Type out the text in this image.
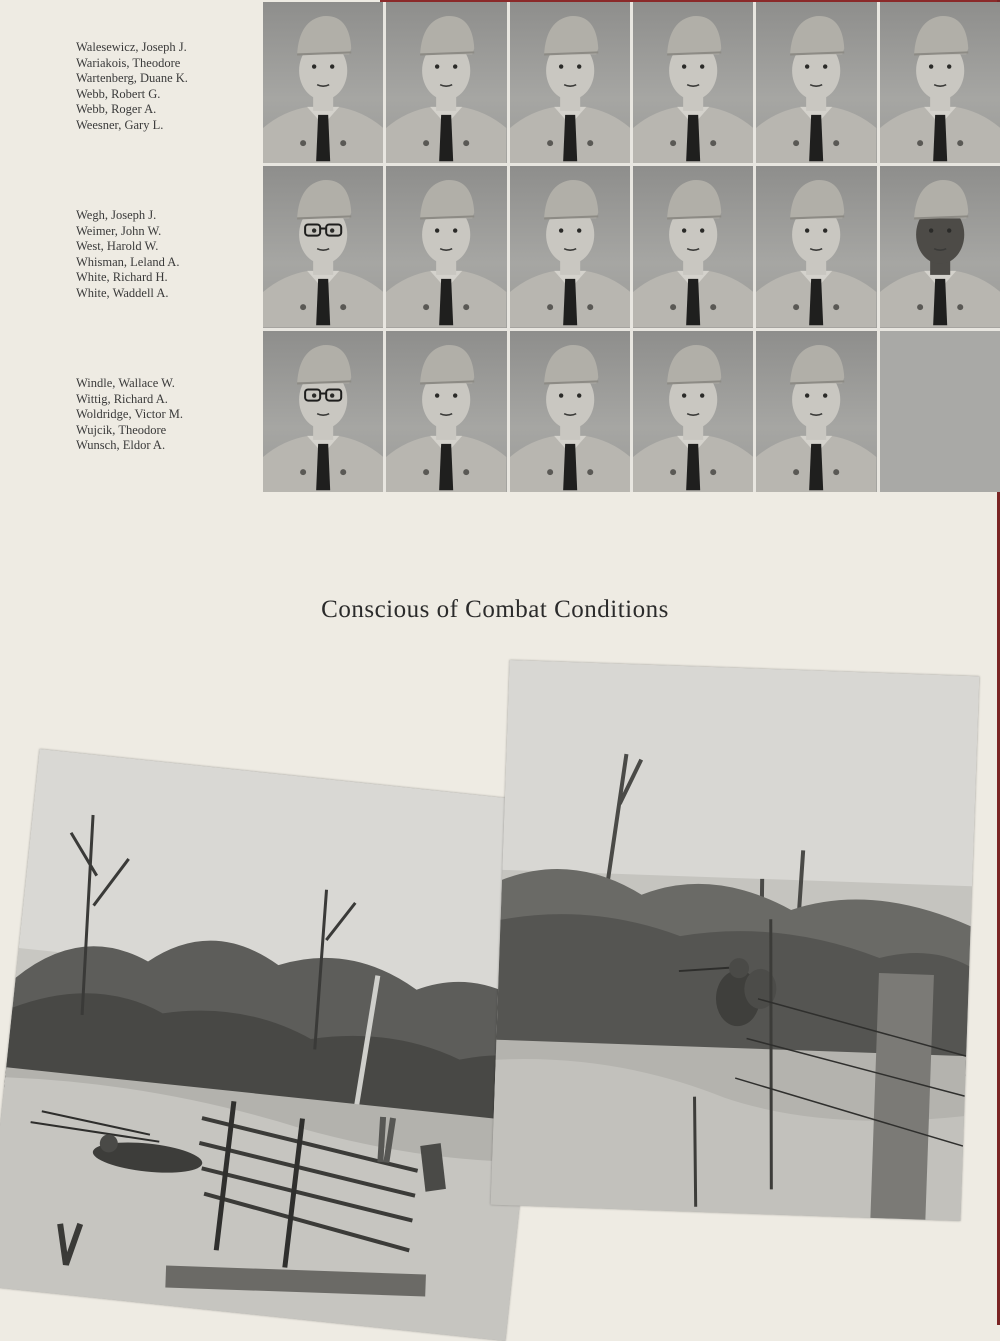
Walesewicz, Joseph J.
Wariakois, Theodore
Wartenberg, Duane K.
Webb, Robert G.
Webb, Roger A.
Weesner, Gary L.
Wegh, Joseph J.
Weimer, John W.
West, Harold W.
Whisman, Leland A.
White, Richard H.
White, Waddell A.
Windle, Wallace W.
Wittig, Richard A.
Woldridge, Victor M.
Wujcik, Theodore
Wunsch, Eldor A.
Conscious of Combat Conditions
